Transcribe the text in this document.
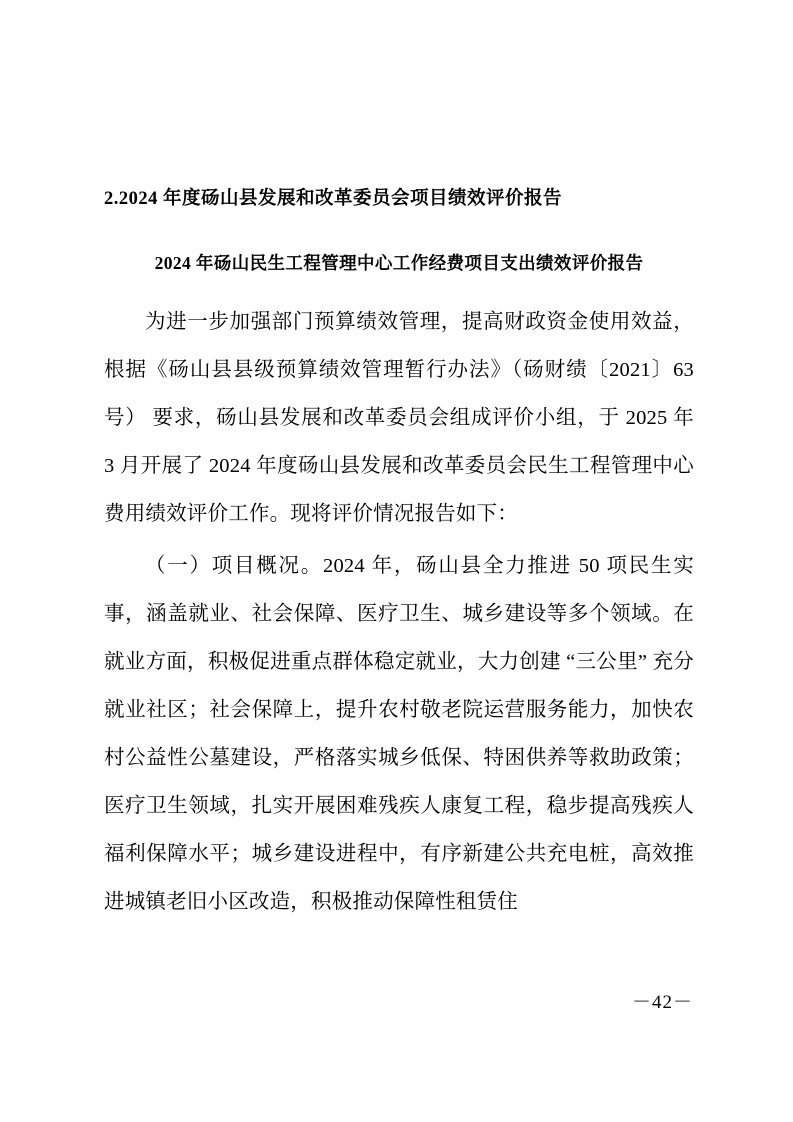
2.2024 年度砀山县发展和改革委员会项目绩效评价报告
2024 年砀山民生工程管理中心工作经费项目支出绩效评价报告

为进一步加强部门预算绩效管理，提高财政资金使用效益，根据《砀山县县级预算绩效管理暂行办法》（砀财绩〔2021〕63 号） 要求，砀山县发展和改革委员会组成评价小组，于 2025 年 3 月开展了 2024 年度砀山县发展和改革委员会民生工程管理中心费用绩效评价工作。现将评价情况报告如下：

（一）项目概况。2024 年，砀山县全力推进 50 项民生实事，涵盖就业、社会保障、医疗卫生、城乡建设等多个领域。在就业方面，积极促进重点群体稳定就业，大力创建 “三公里” 充分就业社区；社会保障上，提升农村敬老院运营服务能力，加快农村公益性公墓建设，严格落实城乡低保、特困供养等救助政策；医疗卫生领域，扎实开展困难残疾人康复工程，稳步提高残疾人福利保障水平；城乡建设进程中，有序新建公共充电桩，高效推进城镇老旧小区改造，积极推动保障性租赁住

－42－
